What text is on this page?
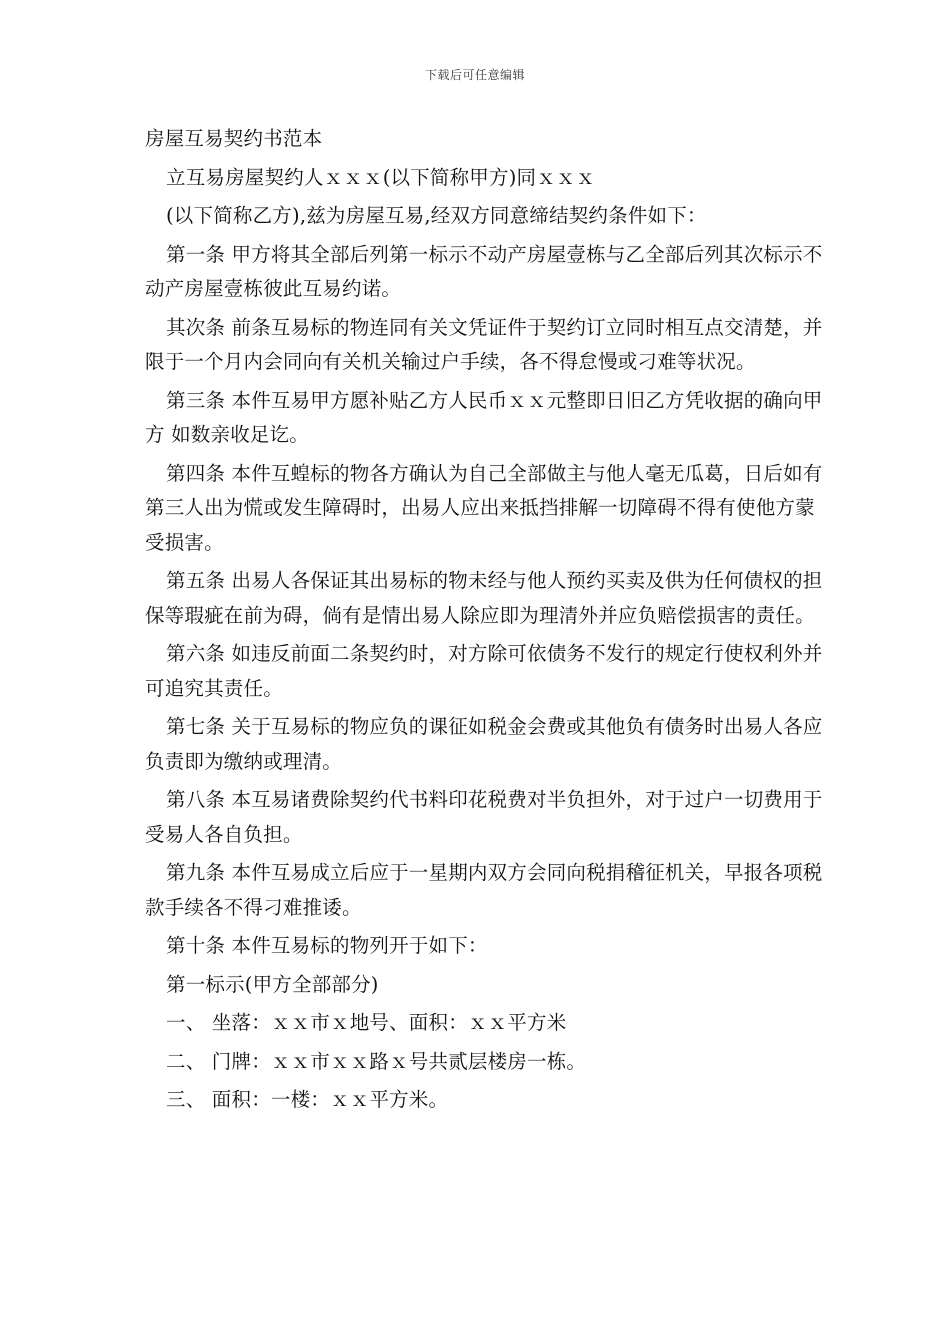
下载后可任意编辑

房屋互易契约书范本

立互易房屋契约人ｘｘｘ(以下简称甲方)同ｘｘｘ

(以下简称乙方),兹为房屋互易,经双方同意缔结契约条件如下：

第一条 甲方将其全部后列第一标示不动产房屋壹栋与乙全部后列其次标示不动产房屋壹栋彼此互易约诺。

其次条 前条互易标的物连同有关文凭证件于契约订立同时相互点交清楚，并限于一个月内会同向有关机关输过户手续，各不得怠慢或刁难等状况。

第三条 本件互易甲方愿补贴乙方人民币ｘｘ元整即日旧乙方凭收据的确向甲方 如数亲收足讫。

第四条 本件互蝗标的物各方确认为自己全部做主与他人毫无瓜葛，日后如有第三人出为慌或发生障碍时，出易人应出来抵挡排解一切障碍不得有使他方蒙受损害。

第五条 出易人各保证其出易标的物未经与他人预约买卖及供为任何债权的担保等瑕疵在前为碍，倘有是情出易人除应即为理清外并应负赔偿损害的责任。

第六条 如违反前面二条契约时，对方除可依债务不发行的规定行使权利外并可追究其责任。

第七条 关于互易标的物应负的课征如税金会费或其他负有债务时出易人各应负责即为缴纳或理清。

第八条 本互易诸费除契约代书料印花税费对半负担外，对于过户一切费用于受易人各自负担。

第九条 本件互易成立后应于一星期内双方会同向税捐稽征机关，早报各项税款手续各不得刁难推诿。

第十条 本件互易标的物列开于如下：

第一标示(甲方全部部分)

一、 坐落：ｘｘ市ｘ地号、面积：ｘｘ平方米

二、 门牌：ｘｘ市ｘｘ路ｘ号共贰层楼房一栋。

三、 面积：一楼：ｘｘ平方米。
